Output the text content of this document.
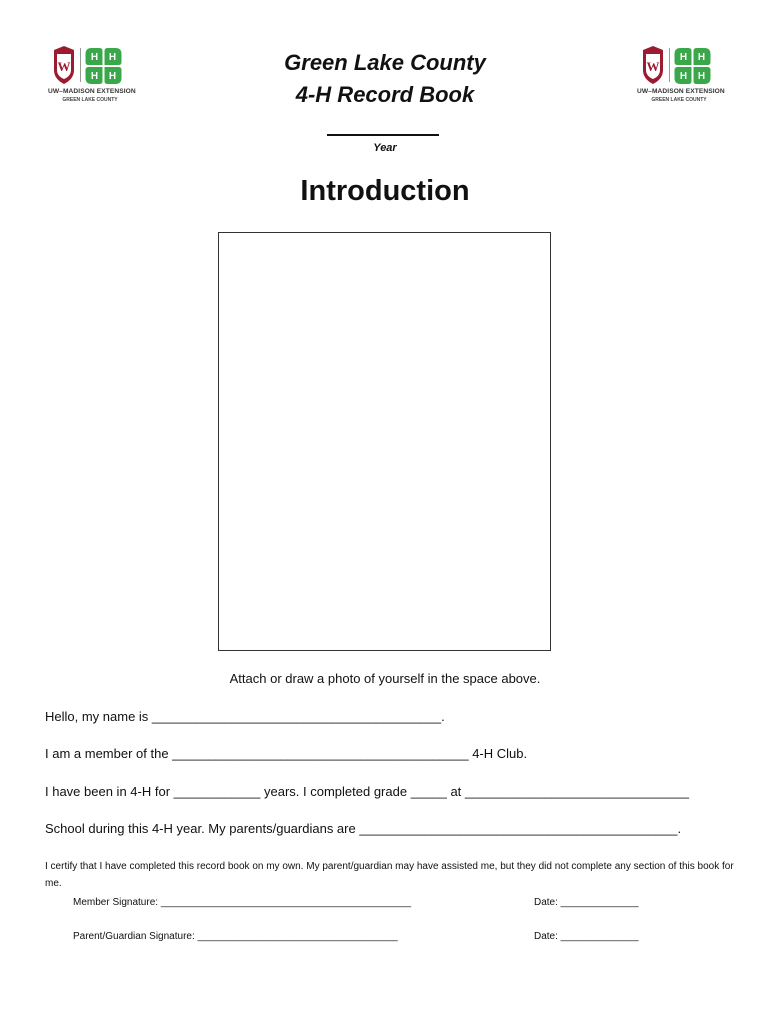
W
H H
H H
UW–MADISON EXTENSION
GREEN LAKE COUNTY
W
H H
H H
UW–MADISON EXTENSION
GREEN LAKE COUNTY
Green Lake County
4-H Record Book
Year
Introduction
Attach or draw a photo of yourself in the space above.
Hello, my name is ________________________________________.
I am a member of the _________________________________________ 4-H Club.
I have been in 4-H for ____________ years. I completed grade _____ at _______________________________
School during this 4-H year. My parents/guardians are ____________________________________________.
I certify that I have completed this record book on my own. My parent/guardian may have assisted me, but they did not complete any section of this book for me.
Member Signature: _____________________________________________	Date: ______________
Parent/Guardian Signature: ____________________________________	Date: ______________
